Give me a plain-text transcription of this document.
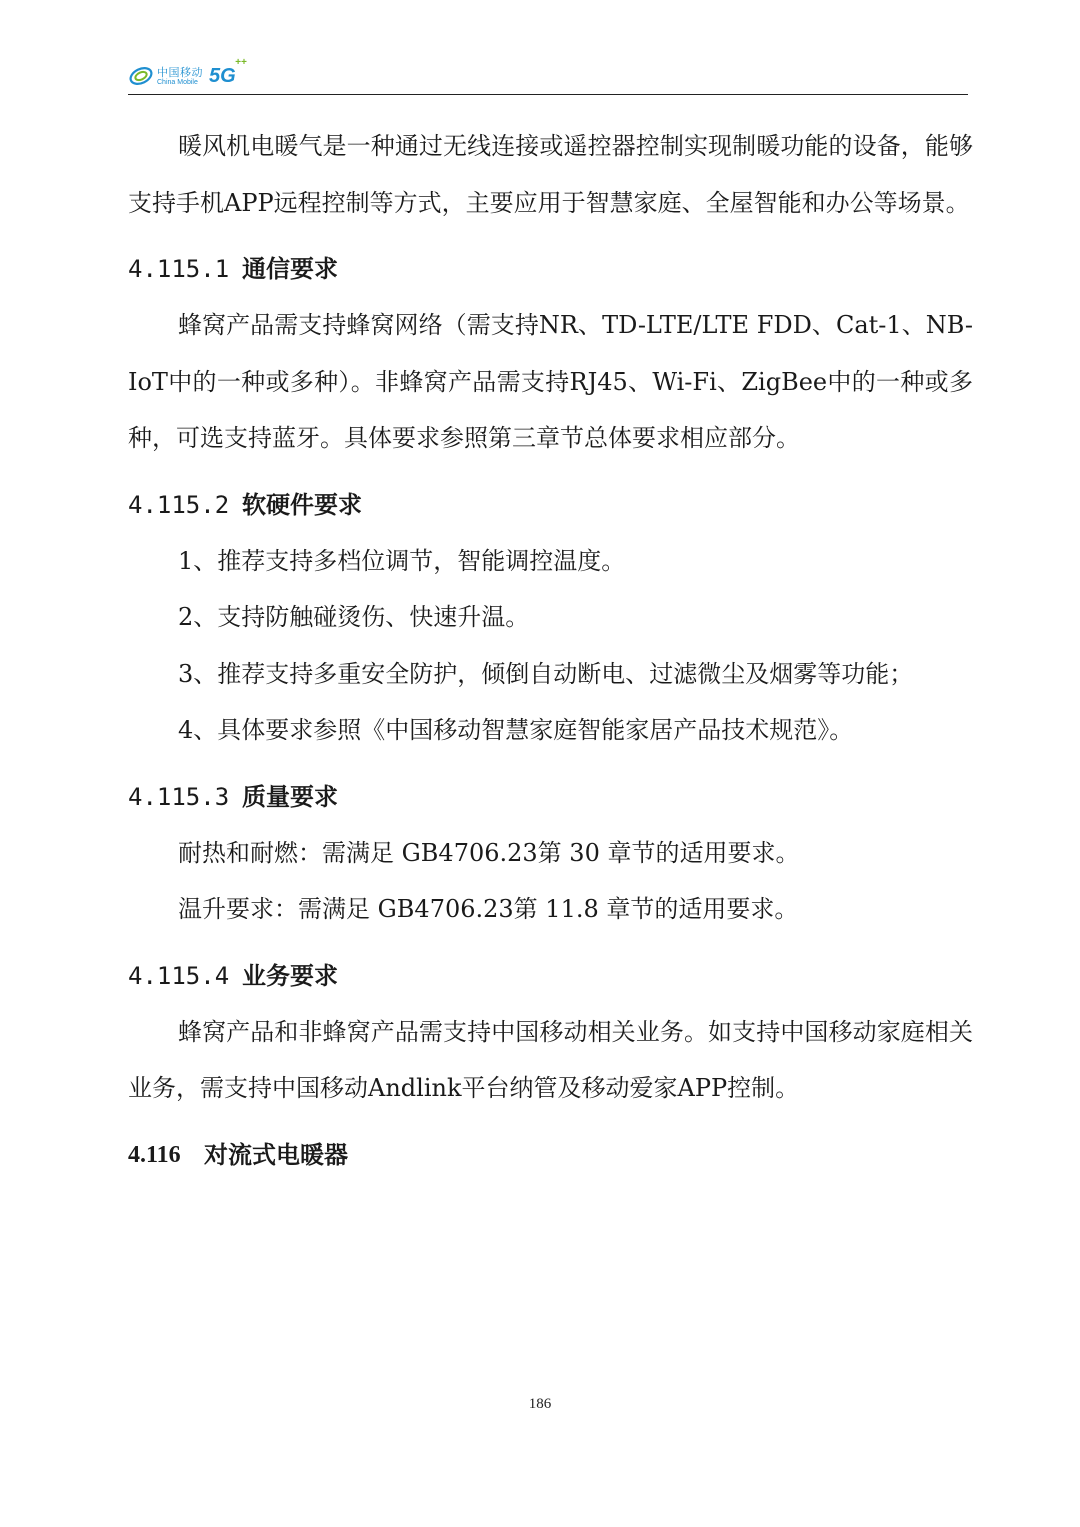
中国移动
China Mobile 5G
++

暖风机电暖气是一种通过无线连接或遥控器控制实现制暖功能的设备，能够支持手机APP远程控制等方式，主要应用于智慧家庭、全屋智能和办公等场景。

4.115.1 通信要求

蜂窝产品需支持蜂窝网络（需支持NR、TD-LTE/LTE FDD、Cat-1、NB-IoT中的一种或多种）。非蜂窝产品需支持RJ45、Wi-Fi、ZigBee中的一种或多种，可选支持蓝牙。具体要求参照第三章节总体要求相应部分。

4.115.2 软硬件要求

1、推荐支持多档位调节，智能调控温度。

2、支持防触碰烫伤、快速升温。

3、推荐支持多重安全防护，倾倒自动断电、过滤微尘及烟雾等功能；

4、具体要求参照《中国移动智慧家庭智能家居产品技术规范》。

4.115.3 质量要求

耐热和耐燃：需满足 GB4706.23第 30 章节的适用要求。

温升要求：需满足 GB4706.23第 11.8 章节的适用要求。

4.115.4 业务要求

蜂窝产品和非蜂窝产品需支持中国移动相关业务。如支持中国移动家庭相关业务，需支持中国移动Andlink平台纳管及移动爱家APP控制。

4.116 对流式电暖器
186
